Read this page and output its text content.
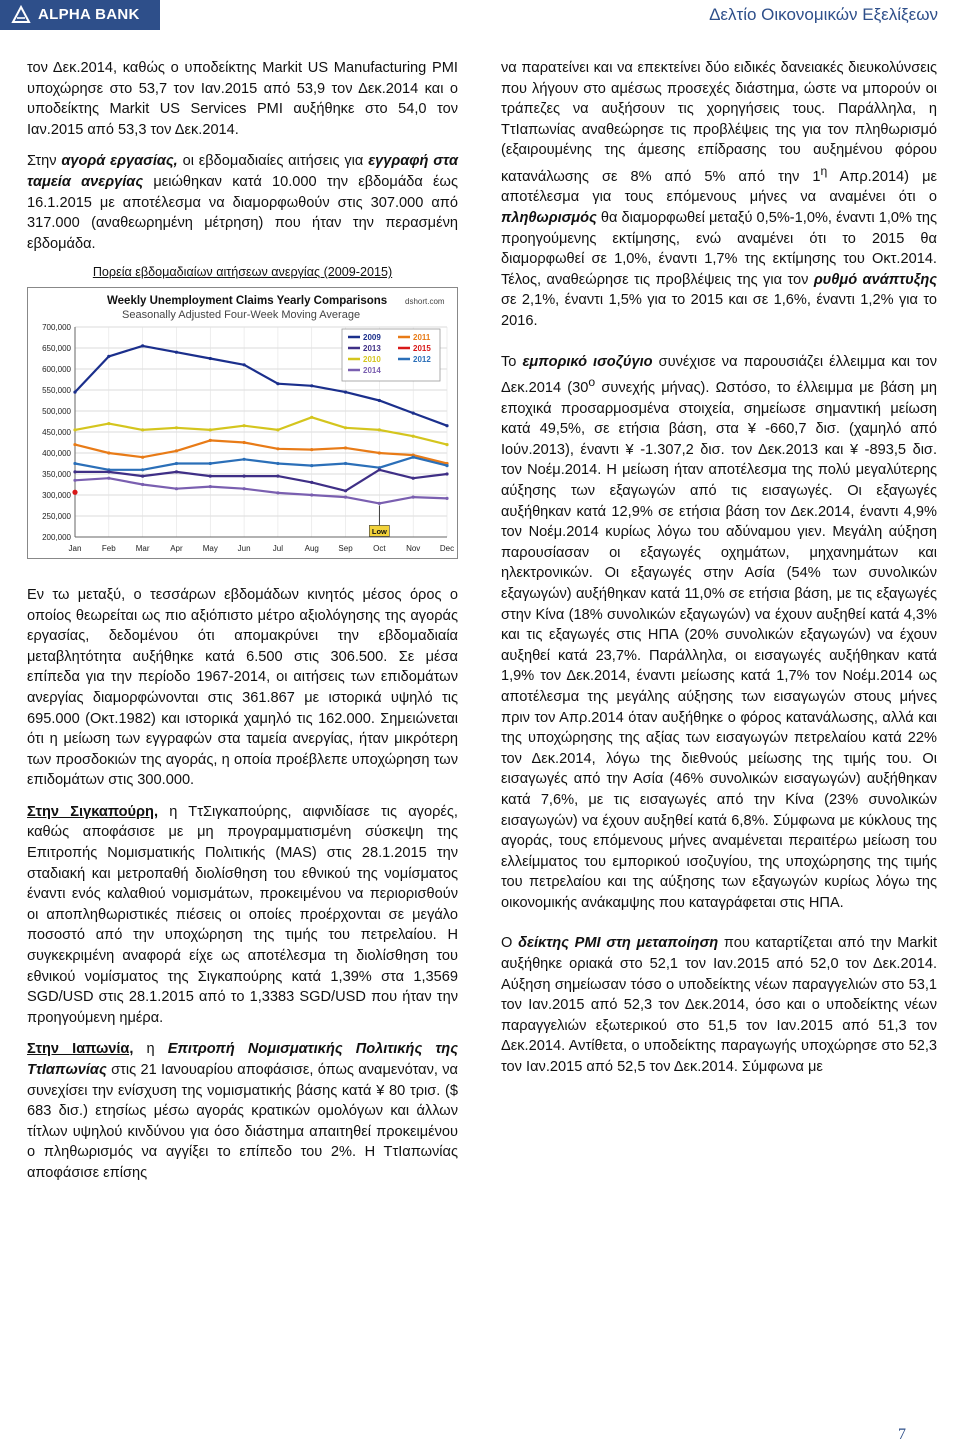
ALPHA BANK	Δελτίο Οικονομικών Εξελίξεων

τον Δεκ.2014, καθώς ο υποδείκτης Markit US Manufacturing PMI υποχώρησε στο 53,7 τον Ιαν.2015 από 53,9 τον Δεκ.2014 και ο υποδείκτης Markit US Services PMI αυξήθηκε στο 54,0 τον Ιαν.2015 από 53,3 τον Δεκ.2014.

Στην αγορά εργασίας, οι εβδομαδιαίες αιτήσεις για εγγραφή στα ταμεία ανεργίας μειώθηκαν κατά 10.000 την εβδομάδα έως 16.1.2015 με αποτέλεσμα να διαμορφωθούν στις 307.000 από 317.000 (αναθεωρημένη μέτρηση) που ήταν την περασμένη εβδομάδα.

Πορεία εβδομαδιαίων αιτήσεων ανεργίας (2009-2015)
Weekly Unemployment Claims Yearly Comparisons
Seasonally Adjusted Four-Week Moving Average
dshort.com
700,000
650,000
600,000
550,000
500,000
450,000
400,000
350,000
300,000
250,000
200,000
Jan	Feb	Mar	Apr	May Jun	Jul	Aug Sep	Oct	Nov Dec
2009
2010
2011
2012
2013
2014
2015
Low

Εν τω μεταξύ, ο τεσσάρων εβδομάδων κινητός μέσος όρος ο οποίος θεωρείται ως πιο αξιόπιστο μέτρο αξιολόγησης της αγοράς εργασίας, δεδομένου ότι απομακρύνει την εβδομαδιαία μεταβλητότητα αυξήθηκε κατά 6.500 στις 306.500. Σε μέσα επίπεδα για την περίοδο 1967-2014, οι αιτήσεις των επιδομάτων ανεργίας διαμορφώνονται στις 361.867 με ιστορικά υψηλό τις 695.000 (Οκτ.1982) και ιστορικά χαμηλό τις 162.000. Σημειώνεται ότι η μείωση των εγγραφών στα ταμεία ανεργίας, ήταν μικρότερη των προσδοκιών της αγοράς, η οποία προέβλεπε υποχώρηση των επιδομάτων στις 300.000.

Στην Σιγκαπούρη, η ΤτΣιγκαπούρης, αιφνιδίασε τις αγορές, καθώς αποφάσισε με μη προγραμματισμένη σύσκεψη της Επιτροπής Νομισματικής Πολιτικής (MAS) στις 28.1.2015 την σταδιακή και μετροπαθή διολίσθηση του εθνικού της νομίσματος έναντι ενός καλαθιού νομισμάτων, προκειμένου να περιορισθούν οι αποπληθωριστικές πιέσεις οι οποίες προέρχονται σε μεγάλο ποσοστό από την υποχώρηση της τιμής του πετρελαίου. Η συγκεκριμένη αναφορά είχε ως αποτέλεσμα τη διολίσθηση του εθνικού νομίσματος της Σιγκαπούρης κατά 1,39% στα 1,3569 SGD/USD στις 28.1.2015 από το 1,3383 SGD/USD που ήταν την προηγούμενη ημέρα.

Στην Ιαπωνία, η Επιτροπή Νομισματικής Πολιτικής της ΤτΙαπωνίας στις 21 Ιανουαρίου αποφάσισε, όπως αναμενόταν, να συνεχίσει την ενίσχυση της νομισματικής βάσης κατά ¥ 80 τρισ. ($ 683 δισ.) ετησίως μέσω αγοράς κρατικών ομολόγων και άλλων τίτλων υψηλού κινδύνου για όσο διάστημα απαιτηθεί προκειμένου ο πληθωρισμός να αγγίξει το επίπεδο του 2%. Η ΤτΙαπωνίας αποφάσισε επίσης

να παρατείνει και να επεκτείνει δύο ειδικές δανειακές διευκολύνσεις που λήγουν στο αμέσως προσεχές διάστημα, ώστε να μπορούν οι τράπεζες να αυξήσουν τις χορηγήσεις τους. Παράλληλα, η ΤτΙαπωνίας αναθεώρησε τις προβλέψεις της για τον πληθωρισμό (εξαιρουμένης της άμεσης επίδρασης του αυξημένου φόρου κατανάλωσης σε 8% από 5% από την $1^\eta$ Απρ.2014) με αποτέλεσμα για τους επόμενους μήνες να αναμένει ότι ο πληθωρισμός θα διαμορφωθεί μεταξύ 0,5%-1,0%, έναντι 1,0% της προηγούμενης εκτίμησης, ενώ αναμένει ότι το 2015 θα διαμορφωθεί σε 1,0%, έναντι 1,7% της εκτίμησης του Οκτ.2014. Τέλος, αναθεώρησε τις προβλέψεις της για τον ρυθμό ανάπτυξης σε 2,1%, έναντι 1,5% για το 2015 και σε 1,6%, έναντι 1,2% για το 2016.

Το εμπορικό ισοζύγιο συνέχισε να παρουσιάζει έλλειμμα και τον Δεκ.2014 ($30^o$ συνεχής μήνας). Ωστόσο, το έλλειμμα με βάση μη εποχικά προσαρμοσμένα στοιχεία, σημείωσε σημαντική μείωση κατά 49,5%, σε ετήσια βάση, στα ¥ -660,7 δισ. (χαμηλό από Ιούν.2013), έναντι ¥ -1.307,2 δισ. τον Δεκ.2013 και ¥ -893,5 δισ. τον Νοέμ.2014. Η μείωση ήταν αποτέλεσμα της πολύ μεγαλύτερης αύξησης των εξαγωγών από τις εισαγωγές. Οι εξαγωγές αυξήθηκαν κατά 12,9% σε ετήσια βάση τον Δεκ.2014, έναντι 4,9% τον Νοέμ.2014 κυρίως λόγω του αδύναμου γιεν. Μεγάλη αύξηση παρουσίασαν οι εξαγωγές οχημάτων, μηχανημάτων και ηλεκτρονικών. Οι εξαγωγές στην Ασία (54% των συνολικών εξαγωγών) αυξήθηκαν κατά 11,0% σε ετήσια βάση, με τις εξαγωγές στην Κίνα (18% συνολικών εξαγωγών) να έχουν αυξηθεί κατά 4,3% και τις εξαγωγές στις ΗΠΑ (20% συνολικών εξαγωγών) να έχουν αυξηθεί κατά 23,7%. Παράλληλα, οι εισαγωγές αυξήθηκαν κατά 1,9% τον Δεκ.2014, έναντι μείωσης κατά 1,7% τον Νοέμ.2014 ως αποτέλεσμα της μεγάλης αύξησης των εισαγωγών στους μήνες πριν τον Απρ.2014 όταν αυξήθηκε ο φόρος κατανάλωσης, αλλά και της υποχώρησης της αξίας των εισαγωγών πετρελαίου κατά 22% τον Δεκ.2014, λόγω της διεθνούς μείωσης της τιμής του. Οι εισαγωγές από την Ασία (46% συνολικών εισαγωγών) αυξήθηκαν κατά 7,6%, με τις εισαγωγές από την Κίνα (23% συνολικών εισαγωγών) να έχουν αυξηθεί κατά 6,8%. Σύμφωνα με κύκλους της αγοράς, τους επόμενους μήνες αναμένεται περαιτέρω μείωση του ελλείμματος του εμπορικού ισοζυγίου, της υποχώρησης της τιμής του πετρελαίου και της αύξησης των εξαγωγών κυρίως λόγω της οικονομικής ανάκαμψης που καταγράφεται στις ΗΠΑ.

Ο δείκτης PMI στη μεταποίηση που καταρτίζεται από την Markit αυξήθηκε οριακά στο 52,1 τον Ιαν.2015 από 52,0 τον Δεκ.2014. Αύξηση σημείωσαν τόσο ο υποδείκτης νέων παραγγελιών στο 53,1 τον Ιαν.2015 από 52,3 τον Δεκ.2014, όσο και ο υποδείκτης νέων παραγγελιών εξωτερικού στο 51,5 τον Ιαν.2015 από 51,3 τον Δεκ.2014. Αντίθετα, ο υποδείκτης παραγωγής υποχώρησε στο 52,3 τον Ιαν.2015 από 52,5 τον Δεκ.2014. Σύμφωνα με

7
